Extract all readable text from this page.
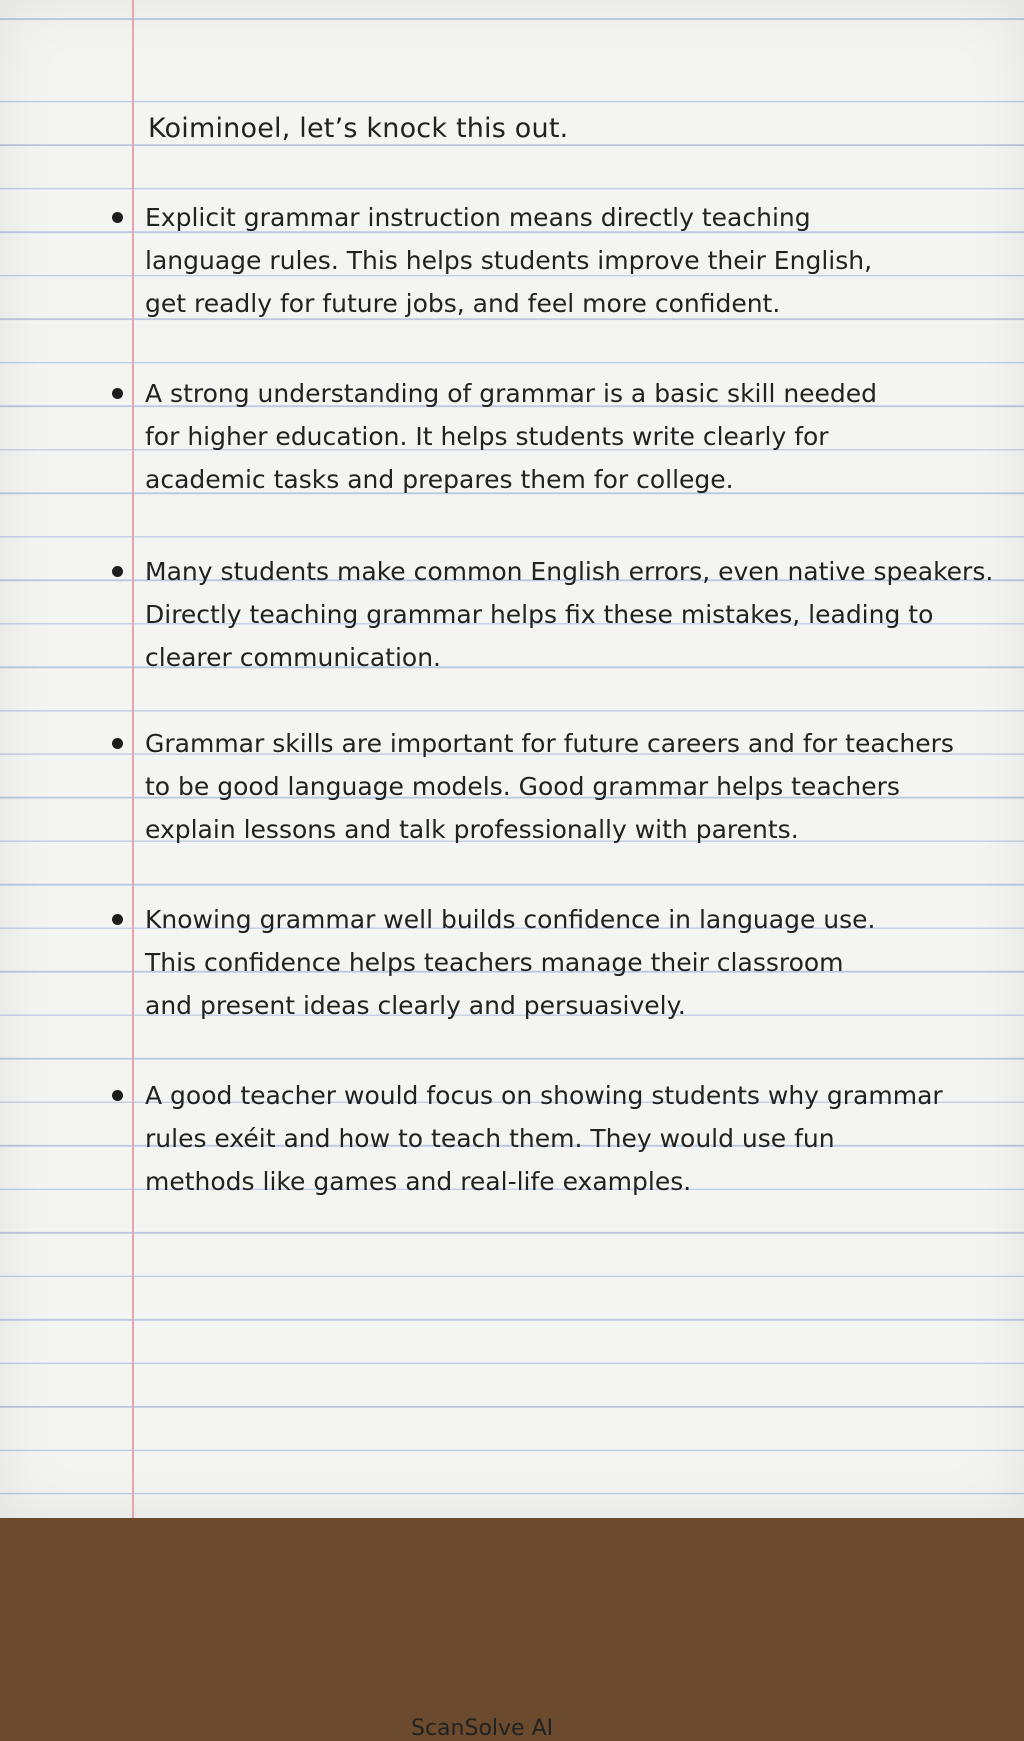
Koiminoel, let’s knock this out.

Explicit grammar instruction means directly teaching
language rules. This helps students improve their English,
get readly for future jobs, and feel more confident.

A strong understanding of grammar is a basic skill needed
for higher education. It helps students write clearly for
academic tasks and prepares them for college.

Many students make common English errors, even native speakers.
Directly teaching grammar helps fix these mistakes, leading to
clearer communication.

Grammar skills are important for future careers and for teachers
to be good language models. Good grammar helps teachers
explain lessons and talk professionally with parents.

Knowing grammar well builds confidence in language use.
This confidence helps teachers manage their classroom
and present ideas clearly and persuasively.

A good teacher would focus on showing students why grammar
rules exéit and how to teach them. They would use fun
methods like games and real-life examples.

ScanSolve AI
